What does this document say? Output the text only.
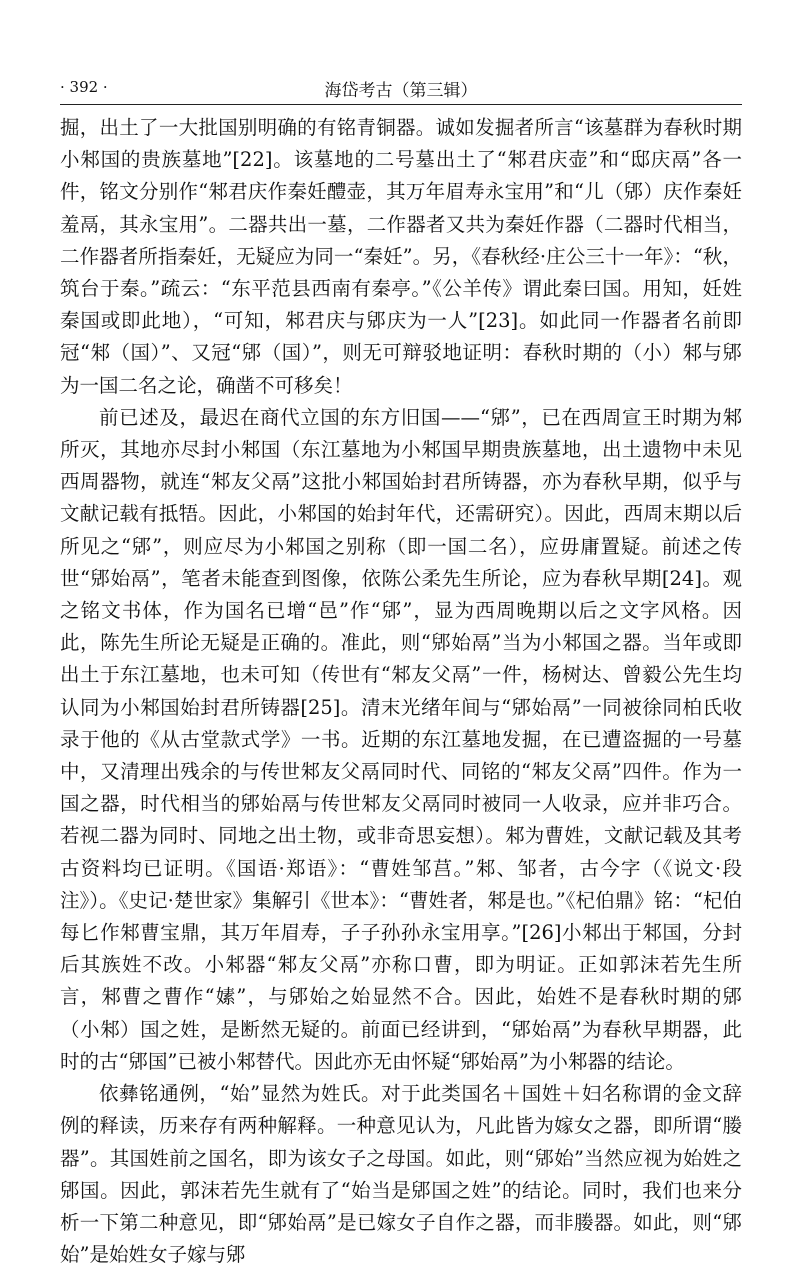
· 392 ·	海岱考古（第三辑）

掘，出土了一大批国别明确的有铭青铜器。诚如发掘者所言“该墓群为春秋时期小邾国的贵族墓地”[22]。该墓地的二号墓出土了“邾君庆壶”和“邸庆鬲”各一件，铭文分别作“邾君庆作秦妊醴壶，其万年眉寿永宝用”和“儿（郳）庆作秦妊羞鬲，其永宝用”。二器共出一墓，二作器者又共为秦妊作器（二器时代相当，二作器者所指秦妊，无疑应为同一“秦妊”。另，《春秋经·庄公三十一年》：“秋，筑台于秦。”疏云：“东平范县西南有秦亭。”《公羊传》谓此秦曰国。用知，妊姓秦国或即此地），“可知，邾君庆与郳庆为一人”[23]。如此同一作器者名前即冠“邾（国）”、又冠“郳（国）”，则无可辩驳地证明：春秋时期的（小）邾与郳为一国二名之论，确凿不可移矣！

前已述及，最迟在商代立国的东方旧国——“郳”，已在西周宣王时期为邾所灭，其地亦尽封小邾国（东江墓地为小邾国早期贵族墓地，出土遗物中未见西周器物，就连“邾友父鬲”这批小邾国始封君所铸器，亦为春秋早期，似乎与文献记载有抵牾。因此，小邾国的始封年代，还需研究）。因此，西周末期以后所见之“郳”，则应尽为小邾国之别称（即一国二名），应毋庸置疑。前述之传世“郳始鬲”，笔者未能查到图像，依陈公柔先生所论，应为春秋早期[24]。观之铭文书体，作为国名已增“邑”作“郳”，显为西周晚期以后之文字风格。因此，陈先生所论无疑是正确的。准此，则“郳始鬲”当为小邾国之器。当年或即出土于东江墓地，也未可知（传世有“邾友父鬲”一件，杨树达、曾毅公先生均认同为小邾国始封君所铸器[25]。清末光绪年间与“郳始鬲”一同被徐同柏氏收录于他的《从古堂款式学》一书。近期的东江墓地发掘，在已遭盗掘的一号墓中，又清理出残余的与传世邾友父鬲同时代、同铭的“邾友父鬲”四件。作为一国之器，时代相当的郳始鬲与传世邾友父鬲同时被同一人收录，应并非巧合。若视二器为同时、同地之出土物，或非奇思妄想）。邾为曹姓，文献记载及其考古资料均已证明。《国语·郑语》：“曹姓邹莒。”邾、邹者，古今字（《说文·段注》）。《史记·楚世家》集解引《世本》：“曹姓者，邾是也。”《杞伯鼎》铭：“杞伯每匕作邾曹宝鼎，其万年眉寿，子子孙孙永宝用享。”[26]小邾出于邾国，分封后其族姓不改。小邾器“邾友父鬲”亦称口曹，即为明证。正如郭沫若先生所言，邾曹之曹作“嫊”，与郳始之始显然不合。因此，始姓不是春秋时期的郳（小邾）国之姓，是断然无疑的。前面已经讲到，“郳始鬲”为春秋早期器，此时的古“郳国”已被小邾替代。因此亦无由怀疑“郳始鬲”为小邾器的结论。

依彝铭通例，“始”显然为姓氏。对于此类国名＋国姓＋妇名称谓的金文辞例的释读，历来存有两种解释。一种意见认为，凡此皆为嫁女之器，即所谓“媵器”。其国姓前之国名，即为该女子之母国。如此，则“郳始”当然应视为始姓之郳国。因此，郭沫若先生就有了“始当是郳国之姓”的结论。同时，我们也来分析一下第二种意见，即“郳始鬲”是已嫁女子自作之器，而非媵器。如此，则“郳始”是始姓女子嫁与郳
